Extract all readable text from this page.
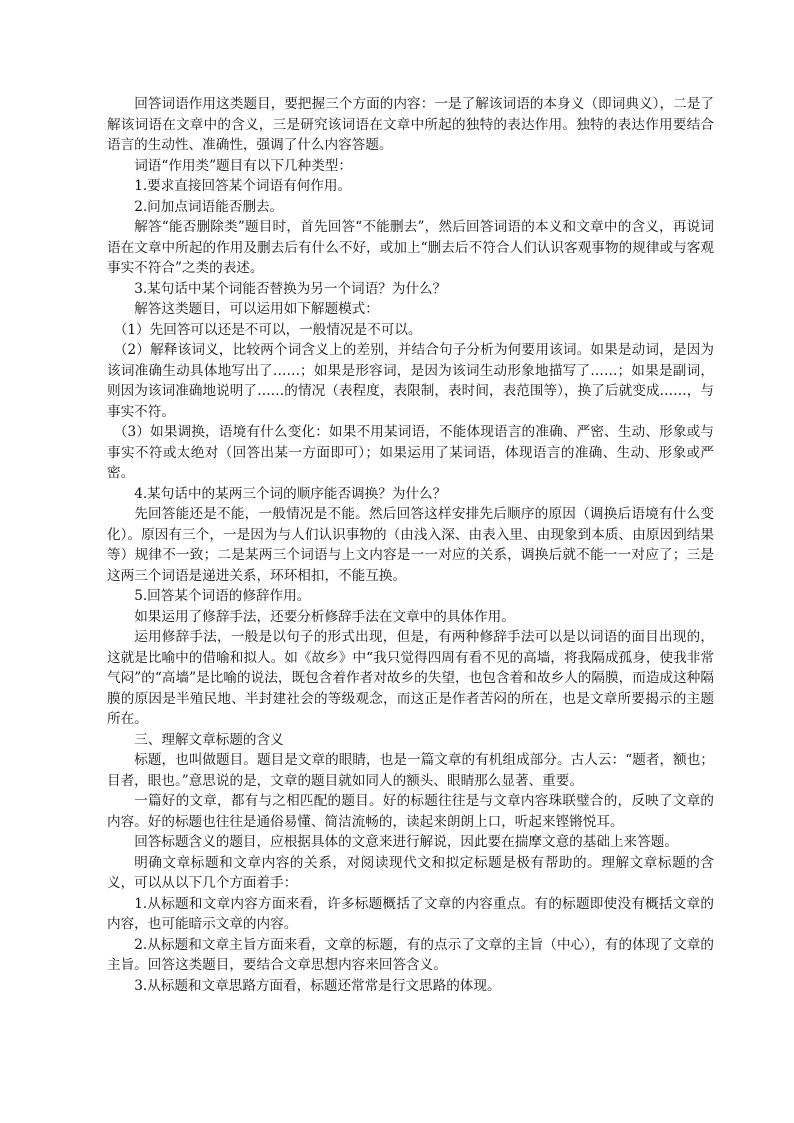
回答词语作用这类题目，要把握三个方面的内容：一是了解该词语的本身义（即词典义），二是了解该词语在文章中的含义，三是研究该词语在文章中所起的独特的表达作用。独特的表达作用要结合语言的生动性、准确性，强调了什么内容答题。

词语“作用类”题目有以下几种类型：

1.要求直接回答某个词语有何作用。

2.问加点词语能否删去。

解答“能否删除类”题目时，首先回答“不能删去”，然后回答词语的本义和文章中的含义，再说词语在文章中所起的作用及删去后有什么不好，或加上“删去后不符合人们认识客观事物的规律或与客观事实不符合”之类的表述。

3.某句话中某个词能否替换为另一个词语？为什么？

解答这类题目，可以运用如下解题模式：

（1）先回答可以还是不可以，一般情况是不可以。

（2）解释该词义，比较两个词含义上的差别，并结合句子分析为何要用该词。如果是动词，是因为该词准确生动具体地写出了……；如果是形容词，是因为该词生动形象地描写了……；如果是副词，则因为该词准确地说明了……的情况（表程度，表限制，表时间，表范围等），换了后就变成……，与事实不符。

（3）如果调换，语境有什么变化：如果不用某词语，不能体现语言的准确、严密、生动、形象或与事实不符或太绝对（回答出某一方面即可）；如果运用了某词语，体现语言的准确、生动、形象或严密。

4.某句话中的某两三个词的顺序能否调换？为什么？

先回答能还是不能，一般情况是不能。然后回答这样安排先后顺序的原因（调换后语境有什么变化）。原因有三个，一是因为与人们认识事物的（由浅入深、由表入里、由现象到本质、由原因到结果等）规律不一致；二是某两三个词语与上文内容是一一对应的关系，调换后就不能一一对应了；三是这两三个词语是递进关系，环环相扣，不能互换。

5.回答某个词语的修辞作用。

如果运用了修辞手法，还要分析修辞手法在文章中的具体作用。

运用修辞手法，一般是以句子的形式出现，但是，有两种修辞手法可以是以词语的面目出现的，这就是比喻中的借喻和拟人。如《故乡》中“我只觉得四周有看不见的高墙，将我隔成孤身，使我非常气闷”的“高墙”是比喻的说法，既包含着作者对故乡的失望，也包含着和故乡人的隔膜，而造成这种隔膜的原因是半殖民地、半封建社会的等级观念，而这正是作者苦闷的所在，也是文章所要揭示的主题所在。

三、理解文章标题的含义

标题，也叫做题目。题目是文章的眼睛，也是一篇文章的有机组成部分。古人云：“题者，额也；目者，眼也。”意思说的是，文章的题目就如同人的额头、眼睛那么显著、重要。

一篇好的文章，都有与之相匹配的题目。好的标题往往是与文章内容珠联璧合的，反映了文章的内容。好的标题也往往是通俗易懂、简洁流畅的，读起来朗朗上口，听起来铿锵悦耳。

回答标题含义的题目，应根据具体的文意来进行解说，因此要在揣摩文意的基础上来答题。

明确文章标题和文章内容的关系，对阅读现代文和拟定标题是极有帮助的。理解文章标题的含义，可以从以下几个方面着手：

1.从标题和文章内容方面来看，许多标题概括了文章的内容重点。有的标题即使没有概括文章的内容，也可能暗示文章的内容。

2.从标题和文章主旨方面来看，文章的标题，有的点示了文章的主旨（中心），有的体现了文章的主旨。回答这类题目，要结合文章思想内容来回答含义。

3.从标题和文章思路方面看，标题还常常是行文思路的体现。
